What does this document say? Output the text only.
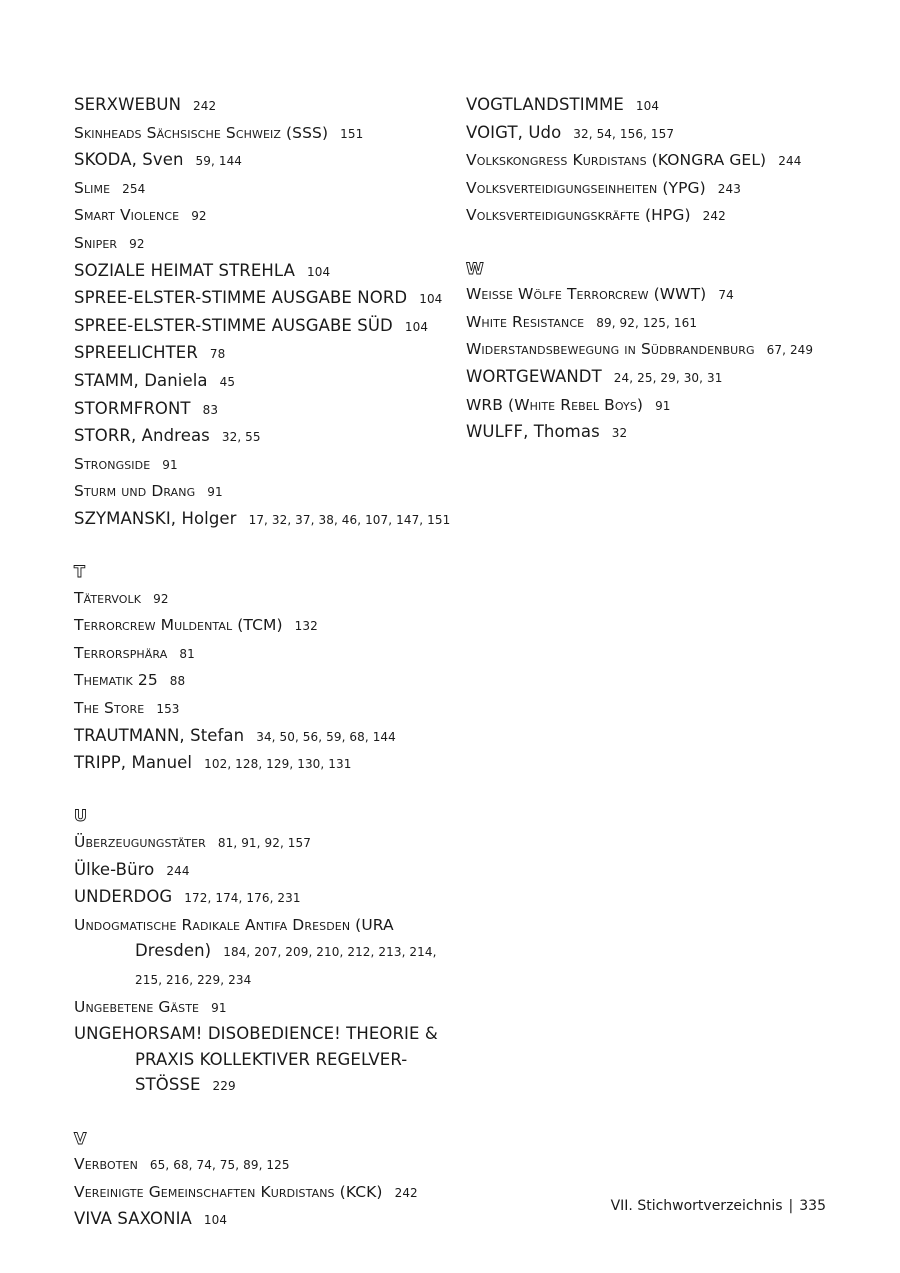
SERXWEBUN 242
Skinheads Sächsische Schweiz (SSS) 151
SKODA, Sven 59, 144
Slime 254
Smart Violence 92
Sniper 92
SOZIALE HEIMAT STREHLA 104
SPREE-ELSTER-STIMME AUSGABE NORD 104
SPREE-ELSTER-STIMME AUSGABE SÜD 104
SPREELICHTER 78
STAMM, Daniela 45
STORMFRONT 83
STORR, Andreas 32, 55
Strongside 91
Sturm und Drang 91
SZYMANSKI, Holger 17, 32, 37, 38, 46, 107, 147, 151
T
Tätervolk 92
Terrorcrew Muldental (TCM) 132
Terrorsphära 81
Thematik 25 88
The Store 153
TRAUTMANN, Stefan 34, 50, 56, 59, 68, 144
TRIPP, Manuel 102, 128, 129, 130, 131
U
Überzeugungstäter 81, 91, 92, 157
Ülke-Büro 244
UNDERDOG 172, 174, 176, 231
Undogmatische Radikale Antifa Dresden (URA
Dresden) 184, 207, 209, 210, 212, 213, 214,
215, 216, 229, 234
Ungebetene Gäste 91
UNGEHORSAM! DISOBEDIENCE! THEORIE &
PRAXIS KOLLEKTIVER REGELVER-
STÖSSE 229
V
Verboten 65, 68, 74, 75, 89, 125
Vereinigte Gemeinschaften Kurdistans (KCK) 242
VIVA SAXONIA 104
VOGTLANDSTIMME 104
VOIGT, Udo 32, 54, 156, 157
Volkskongress Kurdistans (KONGRA GEL) 244
Volksverteidigungseinheiten (YPG) 243
Volksverteidigungskräfte (HPG) 242
W
Weisse Wölfe Terrorcrew (WWT) 74
White Resistance 89, 92, 125, 161
Widerstandsbewegung in Südbrandenburg 67, 249
WORTGEWANDT 24, 25, 29, 30, 31
WRB (White Rebel Boys) 91
WULFF, Thomas 32
VII. Stichwortverzeichnis | 335
